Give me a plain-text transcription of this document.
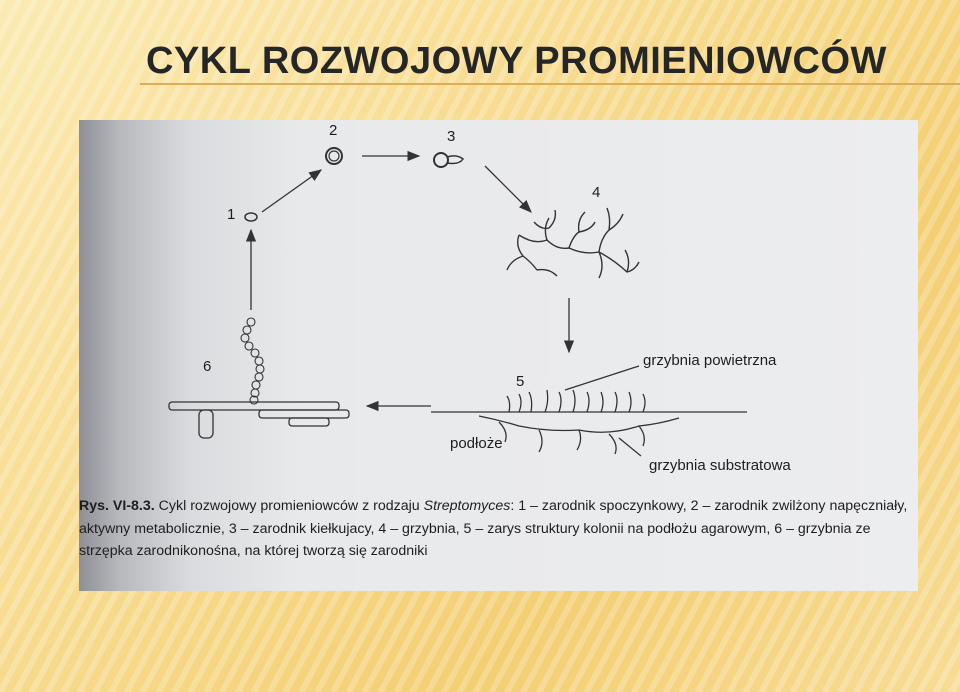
CYKL ROZWOJOWY PROMIENIOWCÓW
1
2	3
4
5
6	grzybnia powietrzna
podłoże
grzybnia substratowa
Rys. VI-8.3. Cykl rozwojowy promieniowców z rodzaju Streptomyces: 1 – zarodnik spoczynkowy, 2 – zarodnik zwilżony napęczniały, aktywny metabolicznie, 3 – zarodnik kiełkujacy, 4 – grzybnia, 5 – zarys struktury kolonii na podłożu agarowym, 6 – grzybnia ze strzępka zarodnikonośna, na której tworzą się zarodniki
